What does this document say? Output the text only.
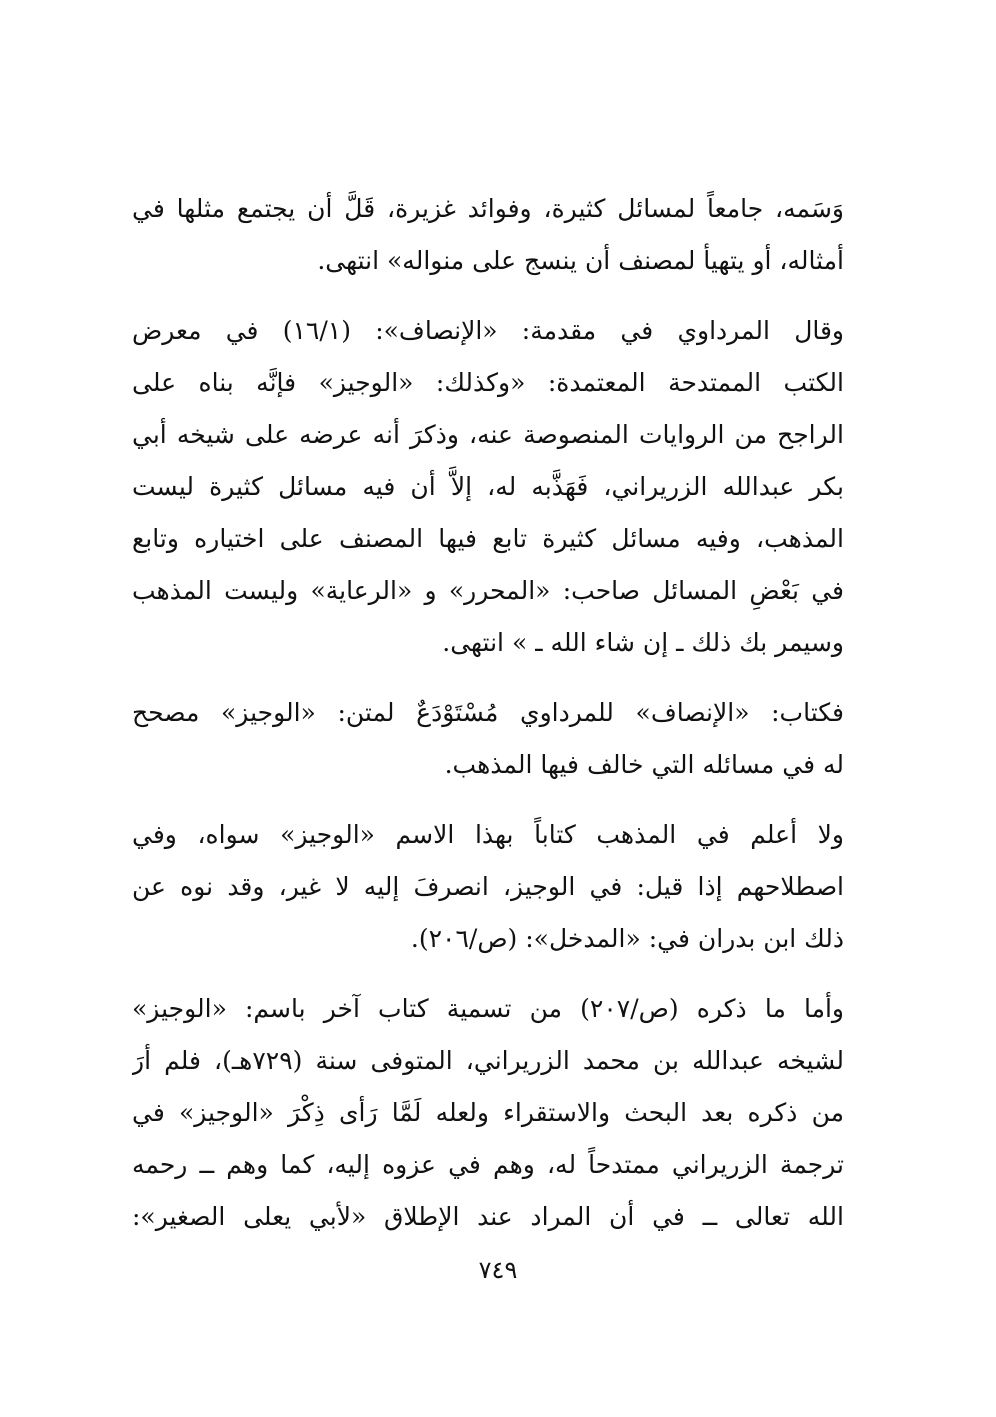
وَسَمه، جامعاً لمسائل كثيرة، وفوائد غزيرة، قَلَّ أن يجتمع مثلها في
أمثاله، أو يتهيأ لمصنف أن ينسج على منواله» انتهى.
وقال المرداوي في مقدمة: «الإنصاف»: (١٦/١) في معرض
الكتب الممتدحة المعتمدة: «وكذلك: «الوجيز» فإنَّه بناه على
الراجح من الروايات المنصوصة عنه، وذكرَ أنه عرضه على شيخه أبي
بكر عبدالله الزريراني، فَهَذَّبه له، إلاَّ أن فيه مسائل كثيرة ليست
المذهب، وفيه مسائل كثيرة تابع فيها المصنف على اختياره وتابع
في بَعْضِ المسائل صاحب: «المحرر» و «الرعاية» وليست المذهب
وسيمر بك ذلك ـ إن شاء الله ـ » انتهى.
فكتاب: «الإنصاف» للمرداوي مُسْتَوْدَعٌ لمتن: «الوجيز» مصحح
له في مسائله التي خالف فيها المذهب.
ولا أعلم في المذهب كتاباً بهذا الاسم «الوجيز» سواه، وفي
اصطلاحهم إذا قيل: في الوجيز، انصرفَ إليه لا غير، وقد نوه عن
ذلك ابن بدران في: «المدخل»: (ص/٢٠٦).
وأما ما ذكره (ص/٢٠٧) من تسمية كتاب آخر باسم: «الوجيز»
لشيخه عبدالله بن محمد الزريراني، المتوفى سنة (٧٢٩هـ)، فلم أرَ
من ذكره بعد البحث والاستقراء ولعله لَمَّا رَأى ذِكْرَ «الوجيز» في
ترجمة الزريراني ممتدحاً له، وهم في عزوه إليه، كما وهم ــ رحمه
الله تعالى ــ في أن المراد عند الإطلاق «لأبي يعلى الصغير»:
٧٤٩
